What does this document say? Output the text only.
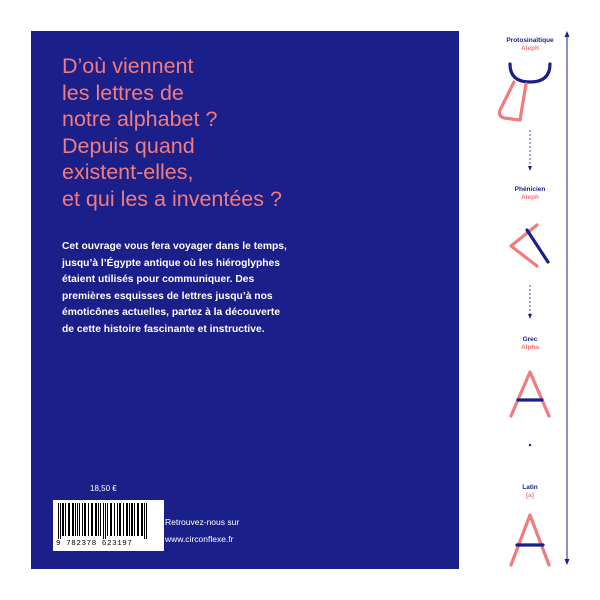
D’où viennent
les lettres de
notre alphabet ?
Depuis quand
existent-elles,
et qui les a inventées ?

Cet ouvrage vous fera voyager dans le temps,
jusqu’à l’Égypte antique où les hiéroglyphes
étaient utilisés pour communiquer. Des
premières esquisses de lettres jusqu’à nos
émoticônes actuelles, partez à la découverte
de cette histoire fascinante et instructive.

18,50 €
9 782378 623197
Retrouvez-nous sur
www.circonflexe.fr
Protosinaïtique
Aleph
Phénicien
Aleph
Grec
Alpha
Latin
[a]
